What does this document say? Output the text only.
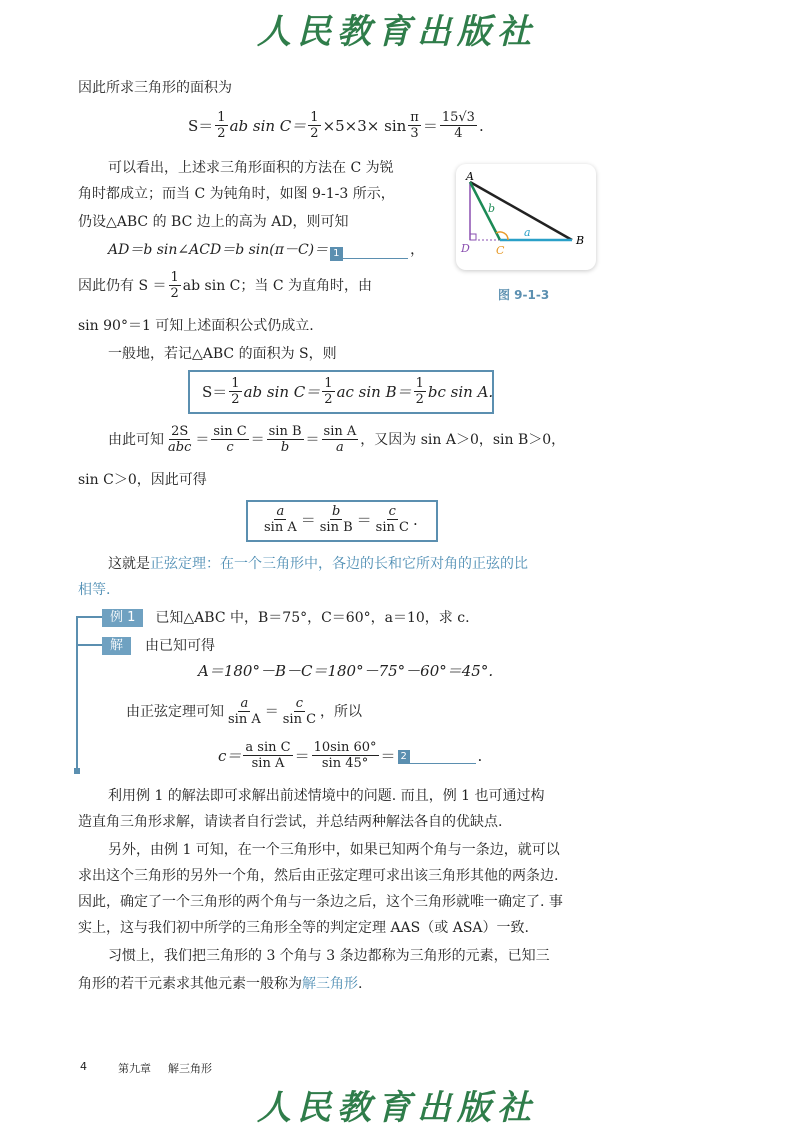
人民教育出版社
因此所求三角形的面积为
$S= \frac{1}{2}$ ab $\sin C= \frac{1}{2} \times 5\times 3\times \sin \frac{\pi}{3} = \frac{15√3}{4}$ .
可以看出，上述求三角形面积的方法在 C 为锐
角时都成立；而当 C 为钝角时，如图 9-1-3 所示，
仍设△ABC 的 BC 边上的高为 AD，则可知
AD＝b sin∠ACD＝b sin(π－C)＝ 1	，
因此仍有 $S = \frac{1}{2}$ ab sin C；当 C 为直角时，由
sin 90°＝1 可知上述面积公式仍成立.
A
B
C
D
a
b
图 9-1-3
一般地，若记△ABC 的面积为 S，则
$S= \frac{1}{2}$ ab $\sin C= \frac{1}{2}$ ac $\sin B= \frac{1}{2}$ bc sin A.
由此可知 $\frac{2S}{\text{abc}} = \frac{\text{sin C}}{c} = \frac{\text{sin B}}{b} = \frac{\text{sin A}}{a}$ ，又因为 sin A＞0，sin B＞0，
sin C＞0，因此可得
$\frac{a}{\text{sin A}} = \frac{b}{\text{sin B}} = \frac{c}{\text{sin C}}$ .
这就是正弦定理：在一个三角形中，各边的长和它所对角的正弦的比
相等.
例 1	已知△ABC 中，B＝75°，C＝60°，a＝10，求 c.
解	由已知可得
A＝180°－B－C＝180°－75°－60°＝45°.
由正弦定理可知 $\frac{a}{\text{sin A}} = \frac{c}{\text{sin C}}$ ，所以
$c= \frac{\text{a sin C}}{\text{sin A}} = \frac{10\sin 60^\circ}{\sin 45^\circ} = 2$	.
利用例 1 的解法即可求解出前述情境中的问题. 而且，例 1 也可通过构
造直角三角形求解，请读者自行尝试，并总结两种解法各自的优缺点.
另外，由例 1 可知，在一个三角形中，如果已知两个角与一条边，就可以
求出这个三角形的另外一个角，然后由正弦定理可求出该三角形其他的两条边.
因此，确定了一个三角形的两个角与一条边之后，这个三角形就唯一确定了. 事
实上，这与我们初中所学的三角形全等的判定定理 AAS（或 ASA）一致.
习惯上，我们把三角形的 3 个角与 3 条边都称为三角形的元素，已知三
角形的若干元素求其他元素一般称为解三角形.
4	第九章 解三角形
人民教育出版社
